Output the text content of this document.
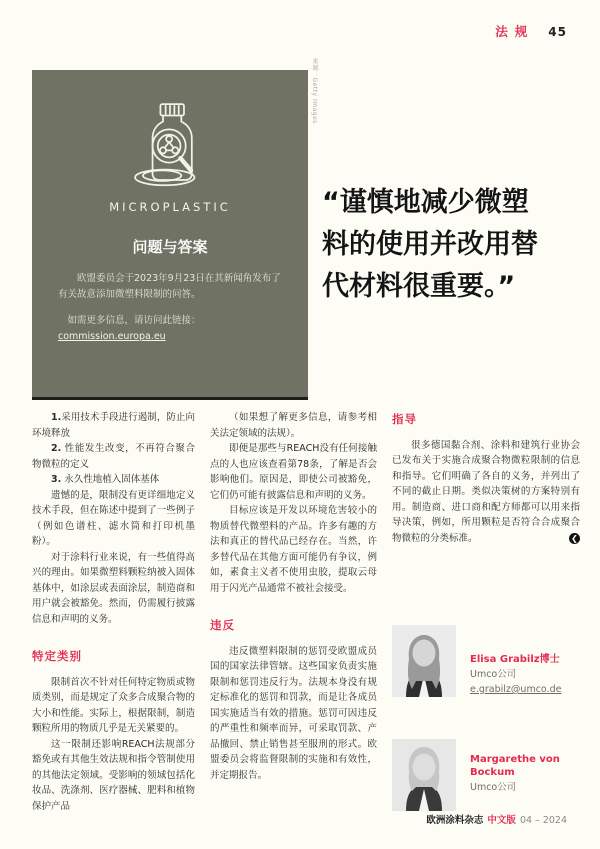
法规 45
MICROPLASTIC
问题与答案

欧盟委员会于2023年9月23日在其新闻角发布了有关故意添加微塑料限制的问答。

如需更多信息，请访问此链接：commission.europa.eu

来源：Getty Images
“谨慎地减少微塑料的使用并改用替代材料很重要。”

1.采用技术手段进行遏制，防止向环境释放

2. 性能发生改变，不再符合聚合物微粒的定义

3. 永久性地植入固体基体

遗憾的是，限制没有更详细地定义技术手段，但在陈述中提到了一些例子（例如色谱柱、滤水筒和打印机墨粉）。

对于涂料行业来说，有一些值得高兴的理由。如果微塑料颗粒纳被入固体基体中，如涂层或表面涂层，制造商和用户就会被豁免。然而，仍需履行披露信息和声明的义务。

特定类别

限制首次不针对任何特定物质或物质类别，而是规定了众多合成聚合物的大小和性能。实际上，根据限制，制造颗粒所用的物质几乎是无关紧要的。

这一限制还影响REACH法规部分豁免或有其他生效法规和指令管制使用的其他法定领域。受影响的领域包括化妆品、洗涤剂、医疗器械、肥料和植物保护产品

（如果想了解更多信息，请参考相关法定领域的法规）。

即便是那些与REACH没有任何接触点的人也应该查看第78条，了解是否会影响他们。原因是，即使公司被豁免，它们仍可能有披露信息和声明的义务。

目标应该是开发以环境危害较小的物质替代微塑料的产品。许多有趣的方法和真正的替代品已经存在。当然，许多替代品在其他方面可能仍有争议，例如，素食主义者不使用虫胶，提取云母用于闪光产品通常不被社会接受。

违反

违反微塑料限制的惩罚受欧盟成员国的国家法律管辖。这些国家负责实施限制和惩罚违反行为。法规本身没有规定标准化的惩罚和罚款，而是让各成员国实施适当有效的措施。惩罚可因违反的严重性和频率而异，可采取罚款、产品撤回、禁止销售甚至服刑的形式。欧盟委员会将监督限制的实施和有效性，并定期报告。

指导

很多德国黏合剂、涂料和建筑行业协会已发布关于实施合成聚合物微粒限制的信息和指导。它们明确了各自的义务，并列出了不同的截止日期。类似决策树的方案特别有用。制造商、进口商和配方师都可以用来指导决策，例如，所用颗粒是否符合合成聚合物微粒的分类标准。	❮

Elisa Grabilz博士
Umco公司
e.grabilz@umco.de
Margarethe von Bockum
Umco公司
欧洲涂料杂志 中文版 04 – 2024
